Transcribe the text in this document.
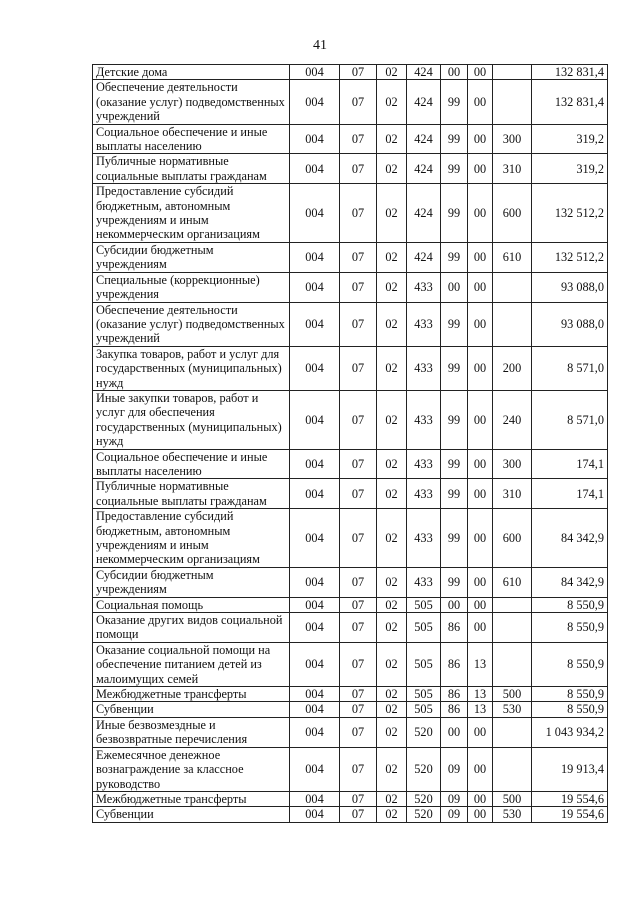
41
Детские дома	004	07	02	424	00	00		132 831,4
Обеспечение деятельности (оказание услуг) подведомственных учреждений	004	07	02	424	99	00		132 831,4
Социальное обеспечение и иные выплаты населению	004	07	02	424	99	00	300	319,2
Публичные нормативные социальные выплаты гражданам	004	07	02	424	99	00	310	319,2
Предоставление субсидий бюджетным, автономным учреждениям и иным некоммерческим организациям	004	07	02	424	99	00	600	132 512,2
Субсидии бюджетным учреждениям	004	07	02	424	99	00	610	132 512,2
Специальные (коррекционные) учреждения	004	07	02	433	00	00		93 088,0
Обеспечение деятельности (оказание услуг) подведомственных учреждений	004	07	02	433	99	00		93 088,0
Закупка товаров, работ и услуг для государственных (муниципальных) нужд	004	07	02	433	99	00	200	8 571,0
Иные закупки товаров, работ и услуг для обеспечения государственных (муниципальных) нужд	004	07	02	433	99	00	240	8 571,0
Социальное обеспечение и иные выплаты населению	004	07	02	433	99	00	300	174,1
Публичные нормативные социальные выплаты гражданам	004	07	02	433	99	00	310	174,1
Предоставление субсидий бюджетным, автономным учреждениям и иным некоммерческим организациям	004	07	02	433	99	00	600	84 342,9
Субсидии бюджетным учреждениям	004	07	02	433	99	00	610	84 342,9
Социальная помощь	004	07	02	505	00	00		8 550,9
Оказание других видов социальной помощи	004	07	02	505	86	00		8 550,9
Оказание социальной помощи на обеспечение питанием детей из малоимущих семей	004	07	02	505	86	13		8 550,9
Межбюджетные трансферты	004	07	02	505	86	13	500	8 550,9
Субвенции	004	07	02	505	86	13	530	8 550,9
Иные безвозмездные и безвозвратные перечисления	004	07	02	520	00	00		1 043 934,2
Ежемесячное денежное вознаграждение за классное руководство	004	07	02	520	09	00		19 913,4
Межбюджетные трансферты	004	07	02	520	09	00	500	19 554,6
Субвенции	004	07	02	520	09	00	530	19 554,6
